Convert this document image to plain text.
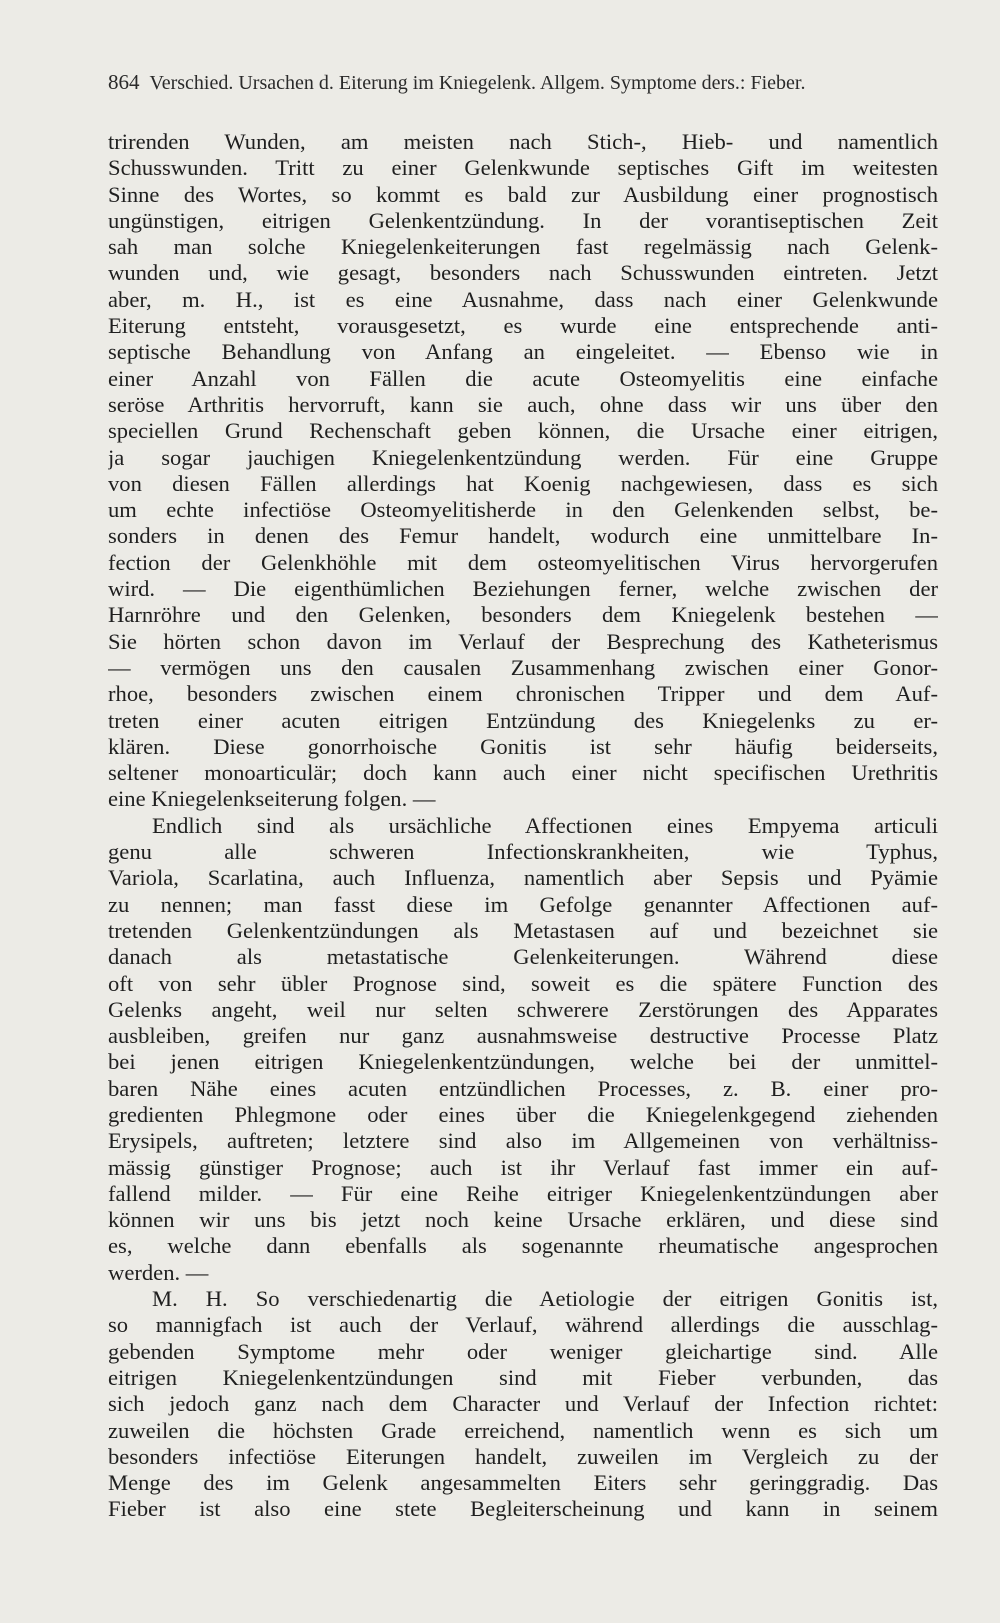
864 Verschied. Ursachen d. Eiterung im Kniegelenk. Allgem. Symptome ders.: Fieber.
trirenden Wunden, am meisten nach Stich-, Hieb- und namentlich
Schusswunden. Tritt zu einer Gelenkwunde septisches Gift im weitesten
Sinne des Wortes, so kommt es bald zur Ausbildung einer prognostisch
ungünstigen, eitrigen Gelenkentzündung. In der vorantiseptischen Zeit
sah man solche Kniegelenkeiterungen fast regelmässig nach Gelenk-
wunden und, wie gesagt, besonders nach Schusswunden eintreten. Jetzt
aber, m. H., ist es eine Ausnahme, dass nach einer Gelenkwunde
Eiterung entsteht, vorausgesetzt, es wurde eine entsprechende anti-
septische Behandlung von Anfang an eingeleitet. — Ebenso wie in
einer Anzahl von Fällen die acute Osteomyelitis eine einfache
seröse Arthritis hervorruft, kann sie auch, ohne dass wir uns über den
speciellen Grund Rechenschaft geben können, die Ursache einer eitrigen,
ja sogar jauchigen Kniegelenkentzündung werden. Für eine Gruppe
von diesen Fällen allerdings hat Koenig nachgewiesen, dass es sich
um echte infectiöse Osteomyelitisherde in den Gelenkenden selbst, be-
sonders in denen des Femur handelt, wodurch eine unmittelbare In-
fection der Gelenkhöhle mit dem osteomyelitischen Virus hervorgerufen
wird. — Die eigenthümlichen Beziehungen ferner, welche zwischen der
Harnröhre und den Gelenken, besonders dem Kniegelenk bestehen —
Sie hörten schon davon im Verlauf der Besprechung des Katheterismus
— vermögen uns den causalen Zusammenhang zwischen einer Gonor-
rhoe, besonders zwischen einem chronischen Tripper und dem Auf-
treten einer acuten eitrigen Entzündung des Kniegelenks zu er-
klären. Diese gonorrhoische Gonitis ist sehr häufig beiderseits,
seltener monoarticulär; doch kann auch einer nicht specifischen Urethritis
eine Kniegelenkseiterung folgen. —
Endlich sind als ursächliche Affectionen eines Empyema articuli
genu alle schweren Infectionskrankheiten, wie Typhus,
Variola, Scarlatina, auch Influenza, namentlich aber Sepsis und Pyämie
zu nennen; man fasst diese im Gefolge genannter Affectionen auf-
tretenden Gelenkentzündungen als Metastasen auf und bezeichnet sie
danach als metastatische Gelenkeiterungen. Während diese
oft von sehr übler Prognose sind, soweit es die spätere Function des
Gelenks angeht, weil nur selten schwerere Zerstörungen des Apparates
ausbleiben, greifen nur ganz ausnahmsweise destructive Processe Platz
bei jenen eitrigen Kniegelenkentzündungen, welche bei der unmittel-
baren Nähe eines acuten entzündlichen Processes, z. B. einer pro-
gredienten Phlegmone oder eines über die Kniegelenkgegend ziehenden
Erysipels, auftreten; letztere sind also im Allgemeinen von verhältniss-
mässig günstiger Prognose; auch ist ihr Verlauf fast immer ein auf-
fallend milder. — Für eine Reihe eitriger Kniegelenkentzündungen aber
können wir uns bis jetzt noch keine Ursache erklären, und diese sind
es, welche dann ebenfalls als sogenannte rheumatische angesprochen
werden. —
M. H. So verschiedenartig die Aetiologie der eitrigen Gonitis ist,
so mannigfach ist auch der Verlauf, während allerdings die ausschlag-
gebenden Symptome mehr oder weniger gleichartige sind. Alle
eitrigen Kniegelenkentzündungen sind mit Fieber verbunden, das
sich jedoch ganz nach dem Character und Verlauf der Infection richtet:
zuweilen die höchsten Grade erreichend, namentlich wenn es sich um
besonders infectiöse Eiterungen handelt, zuweilen im Vergleich zu der
Menge des im Gelenk angesammelten Eiters sehr geringgradig. Das
Fieber ist also eine stete Begleiterscheinung und kann in seinem
